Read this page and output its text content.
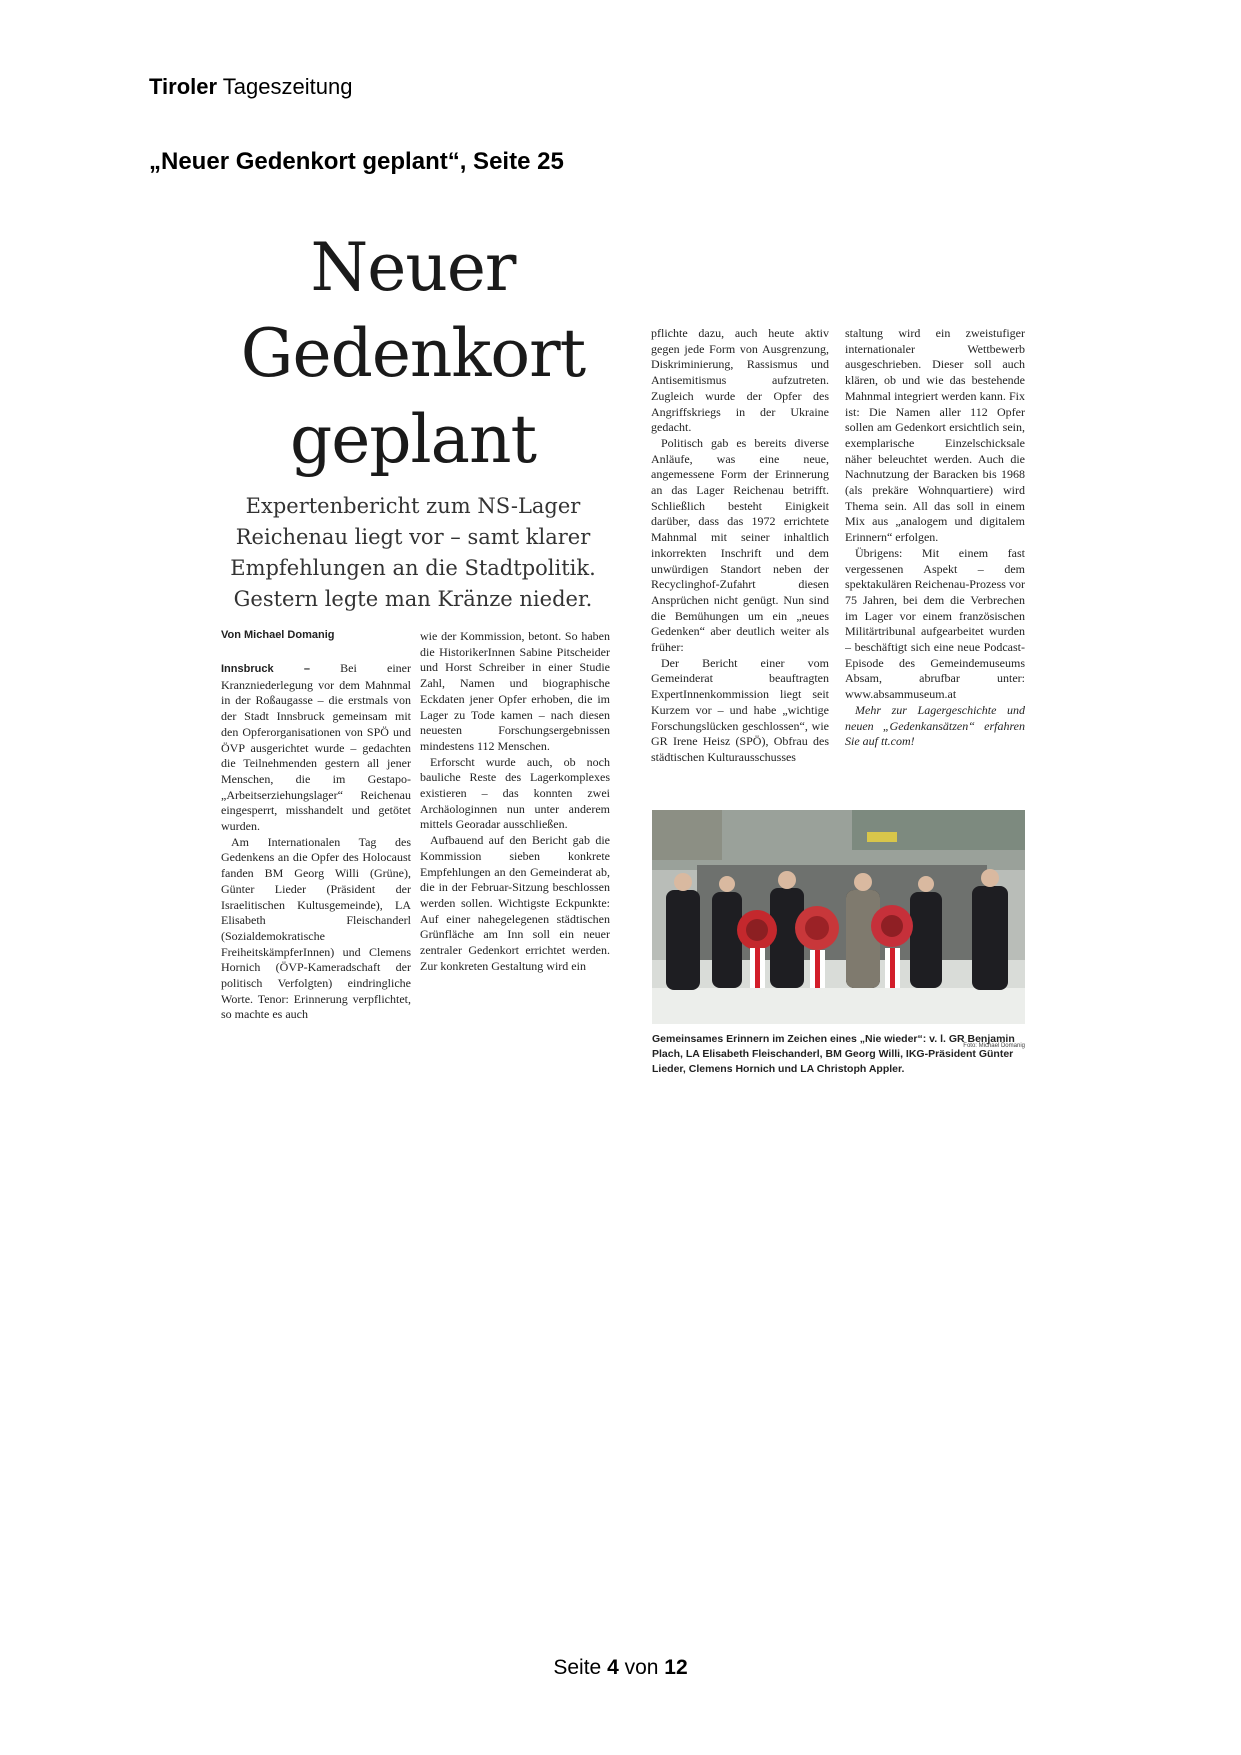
Tiroler Tageszeitung
„Neuer Gedenkort geplant“, Seite 25
Neuer
Gedenkort
geplant
Expertenbericht zum NS-Lager
Reichenau liegt vor – samt klarer
Empfehlungen an die Stadtpolitik.
Gestern legte man Kränze nieder.
Von Michael Domanig

Innsbruck – Bei einer Kranzniederlegung vor dem Mahnmal in der Roßaugasse – die erstmals von der Stadt Innsbruck gemeinsam mit den Opferorganisationen von SPÖ und ÖVP ausgerichtet wurde – gedachten die Teilnehmenden gestern all jener Menschen, die im Gestapo-„Arbeitserziehungslager“ Reichenau eingesperrt, misshandelt und getötet wurden.

Am Internationalen Tag des Gedenkens an die Opfer des Holocaust fanden BM Georg Willi (Grüne), Günter Lieder (Präsident der Israelitischen Kultusgemeinde), LA Elisabeth Fleischanderl (Sozialdemokratische FreiheitskämpferInnen) und Clemens Hornich (ÖVP-Kameradschaft der politisch Verfolgten) eindringliche Worte. Tenor: Erinnerung verpflichtet, so machte es auch

wie der Kommission, betont. So haben die HistorikerInnen Sabine Pitscheider und Horst Schreiber in einer Studie Zahl, Namen und biographische Eckdaten jener Opfer erhoben, die im Lager zu Tode kamen – nach diesen neuesten Forschungsergebnissen mindestens 112 Menschen.

Erforscht wurde auch, ob noch bauliche Reste des Lagerkomplexes existieren – das konnten zwei Archäologinnen nun unter anderem mittels Georadar ausschließen.

Aufbauend auf den Bericht gab die Kommission sieben konkrete Empfehlungen an den Gemeinderat ab, die in der Februar-Sitzung beschlossen werden sollen. Wichtigste Eckpunkte: Auf einer nahegelegenen städtischen Grünfläche am Inn soll ein neuer zentraler Gedenkort errichtet werden. Zur konkreten Gestaltung wird ein

pflichte dazu, auch heute aktiv gegen jede Form von Ausgrenzung, Diskriminierung, Rassismus und Antisemitismus aufzutreten. Zugleich wurde der Opfer des Angriffskriegs in der Ukraine gedacht.

Politisch gab es bereits diverse Anläufe, was eine neue, angemessene Form der Erinnerung an das Lager Reichenau betrifft. Schließlich besteht Einigkeit darüber, dass das 1972 errichtete Mahnmal mit seiner inhaltlich inkorrekten Inschrift und dem unwürdigen Standort neben der Recyclinghof-Zufahrt diesen Ansprüchen nicht genügt. Nun sind die Bemühungen um ein „neues Gedenken“ aber deutlich weiter als früher:

Der Bericht einer vom Gemeinderat beauftragten ExpertInnenkommission liegt seit Kurzem vor – und habe „wichtige Forschungslücken geschlossen“, wie GR Irene Heisz (SPÖ), Obfrau des städtischen Kulturausschusses

staltung wird ein zweistufiger internationaler Wettbewerb ausgeschrieben. Dieser soll auch klären, ob und wie das bestehende Mahnmal integriert werden kann. Fix ist: Die Namen aller 112 Opfer sollen am Gedenkort ersichtlich sein, exemplarische Einzelschicksale näher beleuchtet werden. Auch die Nachnutzung der Baracken bis 1968 (als prekäre Wohnquartiere) wird Thema sein. All das soll in einem Mix aus „analogem und digitalem Erinnern“ erfolgen.

Übrigens: Mit einem fast vergessenen Aspekt – dem spektakulären Reichenau-Prozess vor 75 Jahren, bei dem die Verbrechen im Lager vor einem französischen Militärtribunal aufgearbeitet wurden – beschäftigt sich eine neue Podcast-Episode des Gemeindemuseums Absam, abrufbar unter: www.absammuseum.at

Mehr zur Lagergeschichte und neuen „Gedenkansätzen“ erfahren Sie auf tt.com!

Gemeinsames Erinnern im Zeichen eines „Nie wieder“: v. l. GR Benjamin Plach, LA Elisabeth Fleischanderl, BM Georg Willi, IKG-Präsident Günter Lieder, Clemens Hornich und LA Christoph Appler.
Foto: Michael Domanig
Seite 4 von 12
